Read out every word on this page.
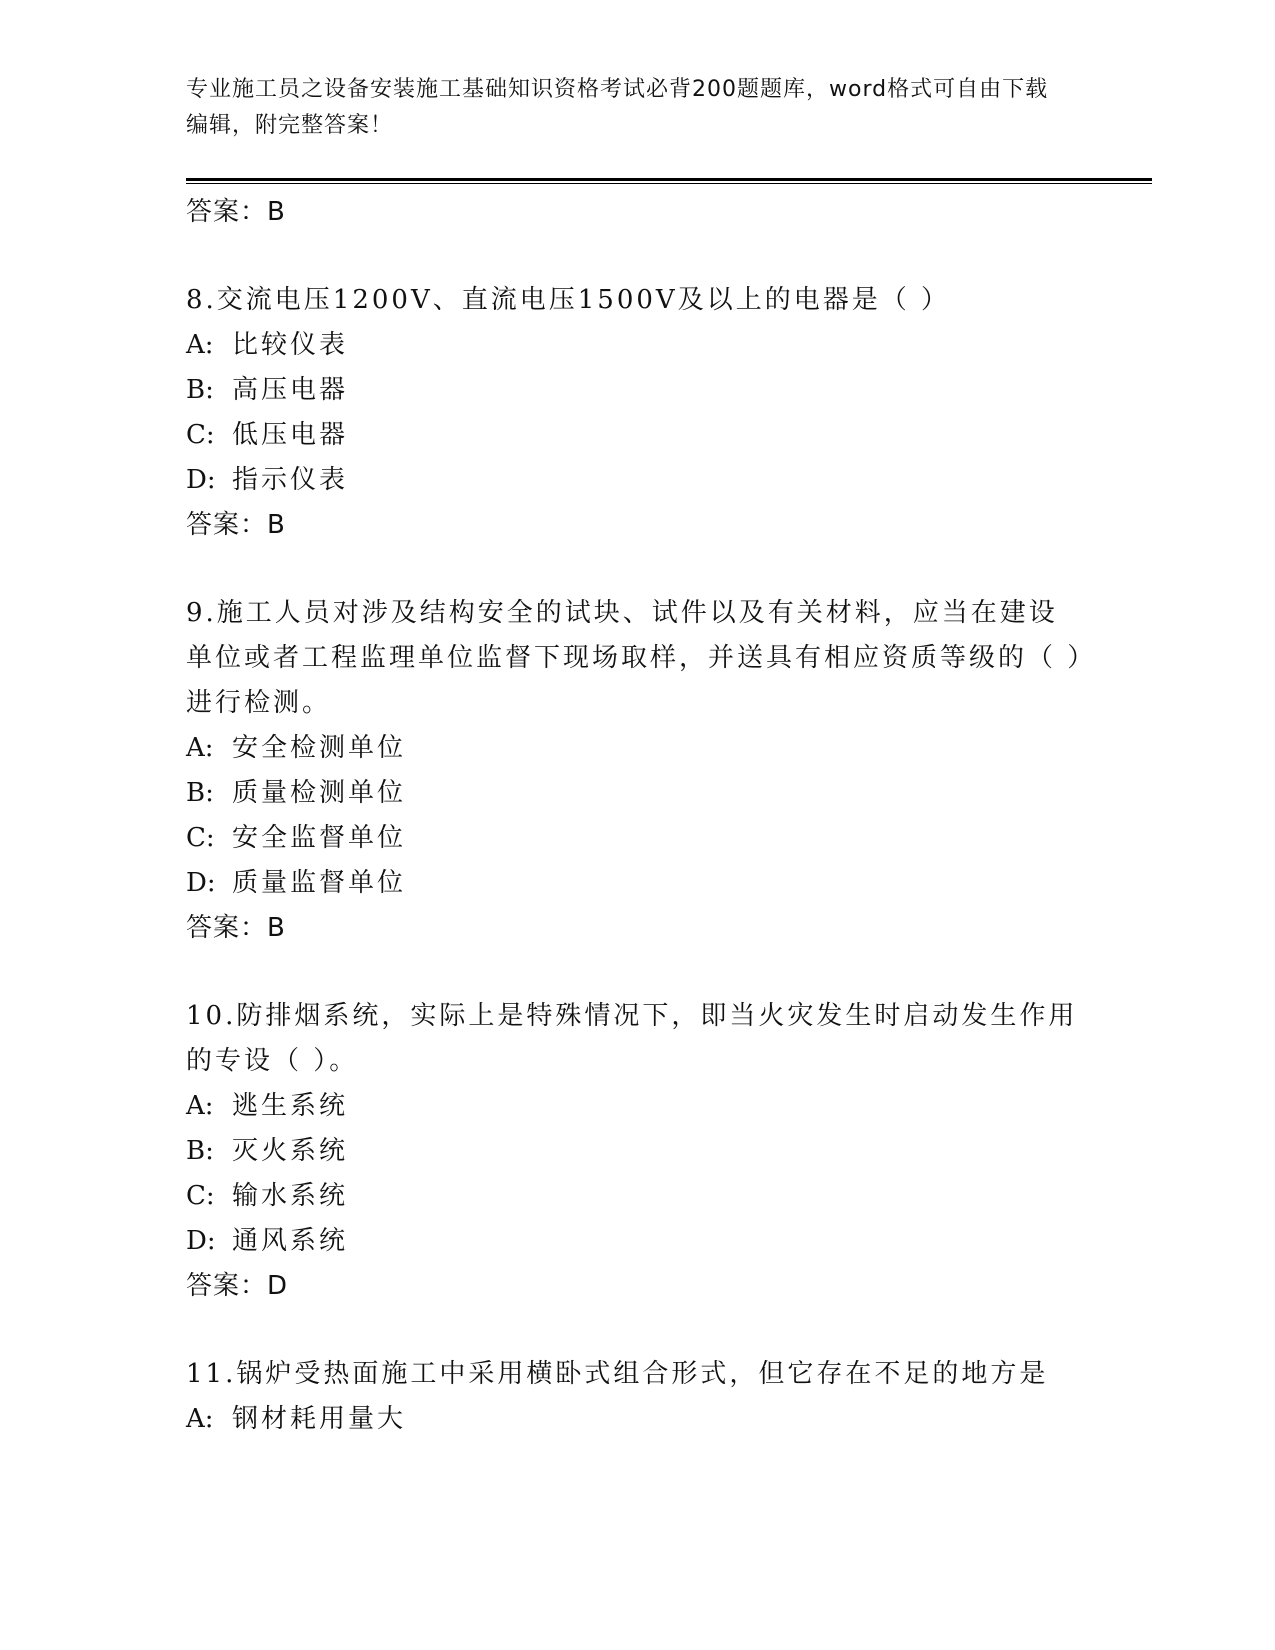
专业施工员之设备安装施工基础知识资格考试必背200题题库，word格式可自由下载编辑，附完整答案！
答案：B
8.交流电压1200V、直流电压1500V及以上的电器是（ ）
A: 比较仪表
B: 高压电器
C: 低压电器
D: 指示仪表
答案：B
9.施工人员对涉及结构安全的试块、试件以及有关材料，应当在建设单位或者工程监理单位监督下现场取样，并送具有相应资质等级的（ ）进行检测。
A: 安全检测单位
B: 质量检测单位
C: 安全监督单位
D: 质量监督单位
答案：B
10.防排烟系统，实际上是特殊情况下，即当火灾发生时启动发生作用的专设（ ）。
A: 逃生系统
B: 灭火系统
C: 输水系统
D: 通风系统
答案：D
11.锅炉受热面施工中采用横卧式组合形式，但它存在不足的地方是
A: 钢材耗用量大
